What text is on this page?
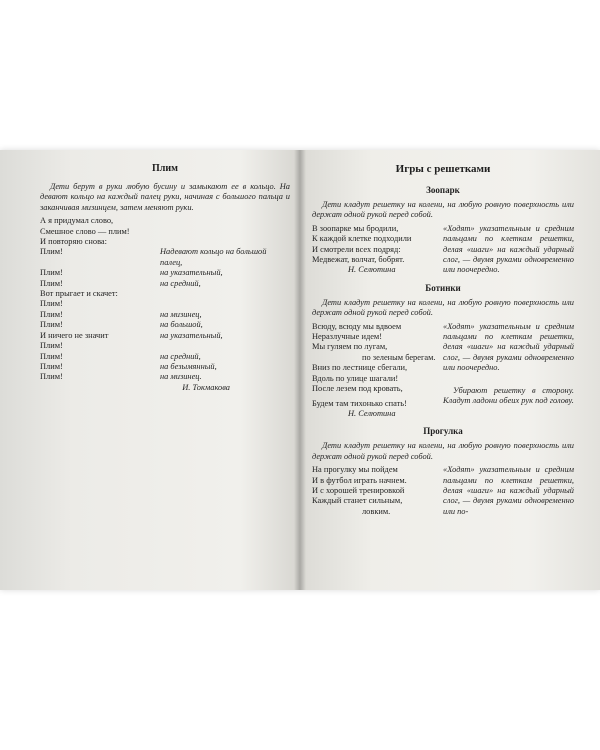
Плим
Дети берут в руки любую бусину и замыкают ее в кольцо. На девают кольцо на каждый палец руки, начиная с большого пальца и заканчивая мизинцем, затем меняют руки.
А я придумал слово,
Смешное слово — плим!
И повторяю снова:
Плим!	Надевают кольцо на большой палец,
Плим!	на указательный,
Плим!	на средний,
Вот прыгает и скачет:
Плим!
Плим!	на мизинец,
Плим!	на большой,
И ничего не значит	на указательный,
Плим!
Плим!	на средний,
Плим!	на безымянный,
Плим!	на мизинец.
И. Токмакова
Игры с решетками
Зоопарк
Дети кладут решетку на колени, на любую ровную поверхность или держат одной рукой перед собой.
В зоопарке мы бродили,
К каждой клетке подходили
И смотрели всех подряд:
Медвежат, волчат, бобрят.
Н. Селютина
«Ходят» указательным и средним пальцами по клеткам решетки, делая «шаги» на каждый ударный слог, — двумя руками одновременно или поочередно.
Ботинки
Дети кладут решетку на колени, на любую ровную поверхность или держат одной рукой перед собой.
Всюду, всюду мы вдвоем
Неразлучные идем!
Мы гуляем по лугам,
по зеленым берегам.
Вниз по лестнице сбегали,
Вдоль по улице шагали!
После лезем под кровать,
Будем там тихонько спать!
Н. Селютина
«Ходят» указательным и средним пальцами по клеткам решетки, делая «шаги» на каждый ударный слог, — двумя руками одновременно или поочередно.
Убирают решетку в сторону. Кладут ладони обеих рук под голову.
Прогулка
Дети кладут решетку на колени, на любую ровную поверхность или держат одной рукой перед собой.
На прогулку мы пойдем
И в футбол играть начнем.
И с хорошей тренировкой
Каждый станет сильным,
ловким.
«Ходят» указательным и средним пальцами по клеткам решетки, делая «шаги» на каждый ударный слог, — двумя руками одновременно или по-
